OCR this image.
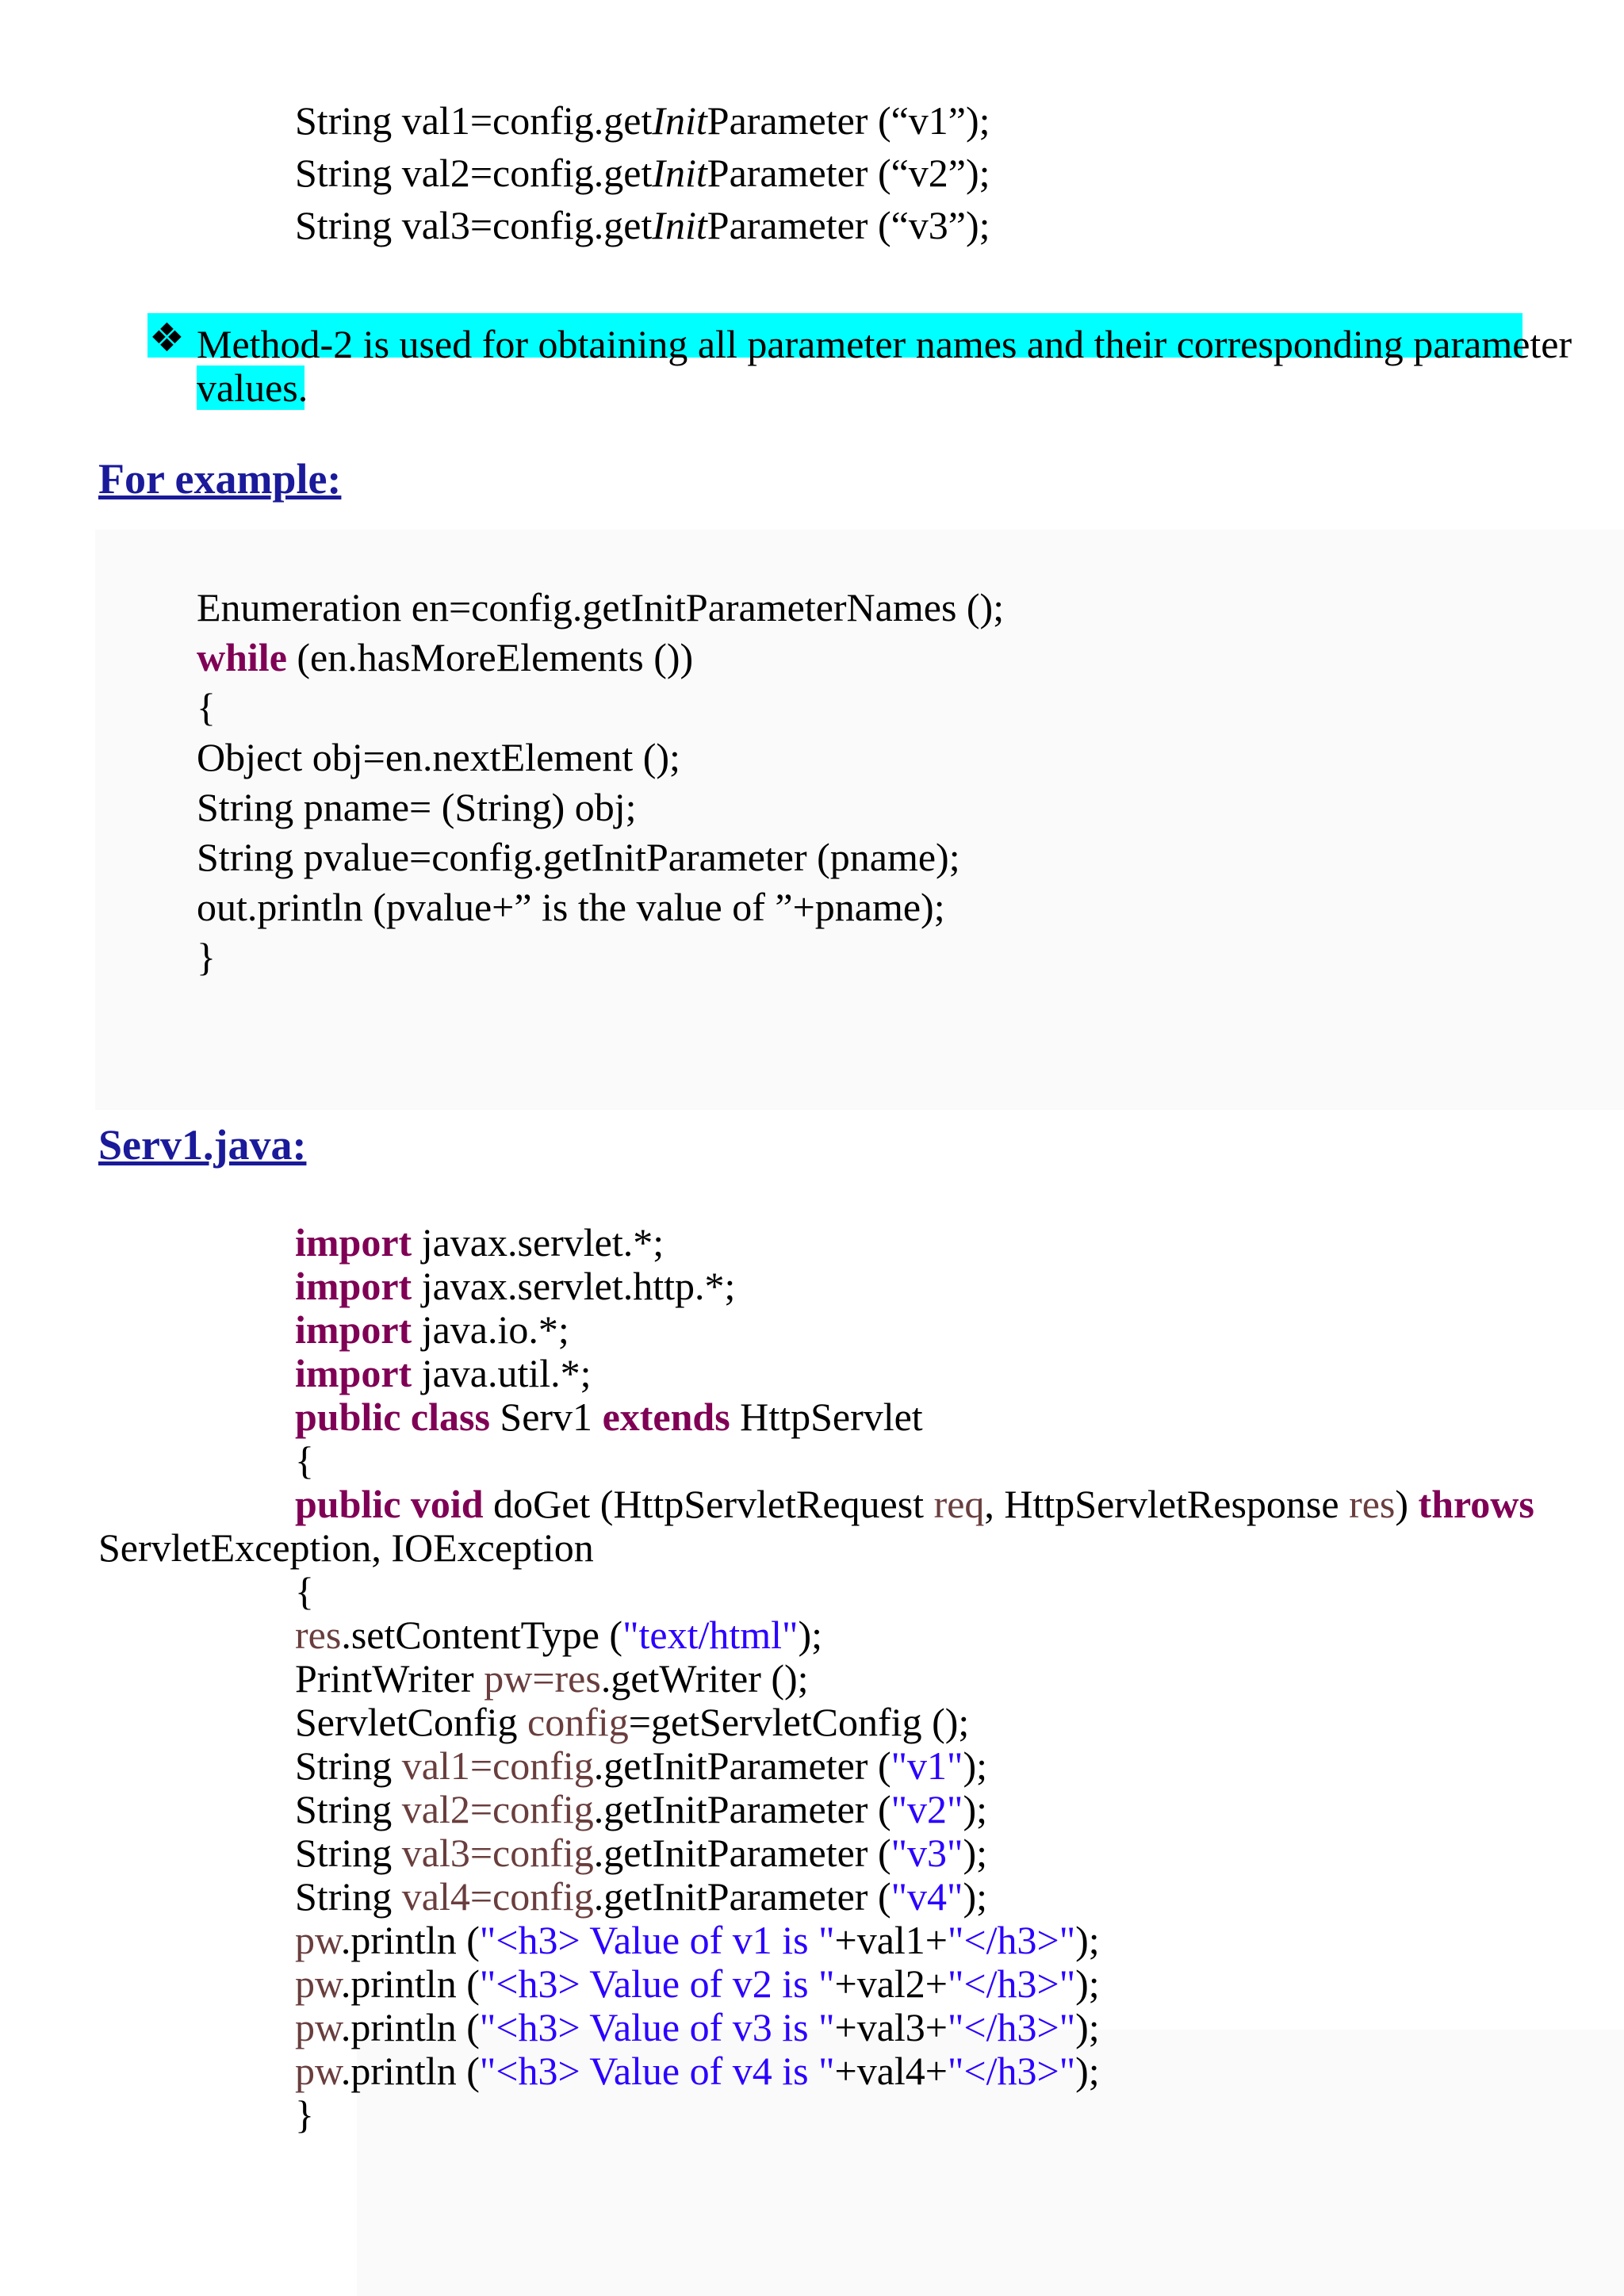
String val1=config.getInitParameter (“v1”);
String val2=config.getInitParameter (“v2”);
String val3=config.getInitParameter (“v3”);
❖ Method-2 is used for obtaining all parameter names and their corresponding parameter
values.
For example:
Enumeration en=config.getInitParameterNames ();
while (en.hasMoreElements ())
{
Object obj=en.nextElement ();
String pname= (String) obj;
String pvalue=config.getInitParameter (pname);
out.println (pvalue+” is the value of ”+pname);
}
Serv1.java:
import javax.servlet.*;
import javax.servlet.http.*;
import java.io.*;
import java.util.*;
public class Serv1 extends HttpServlet
{
public void doGet (HttpServletRequest req, HttpServletResponse res) throws
ServletException, IOException
{
res.setContentType ("text/html");
PrintWriter pw=res.getWriter ();
ServletConfig config=getServletConfig ();
String val1=config.getInitParameter ("v1");
String val2=config.getInitParameter ("v2");
String val3=config.getInitParameter ("v3");
String val4=config.getInitParameter ("v4");
pw.println ("<h3> Value of v1 is "+val1+"</h3>");
pw.println ("<h3> Value of v2 is "+val2+"</h3>");
pw.println ("<h3> Value of v3 is "+val3+"</h3>");
pw.println ("<h3> Value of v4 is "+val4+"</h3>");
}
